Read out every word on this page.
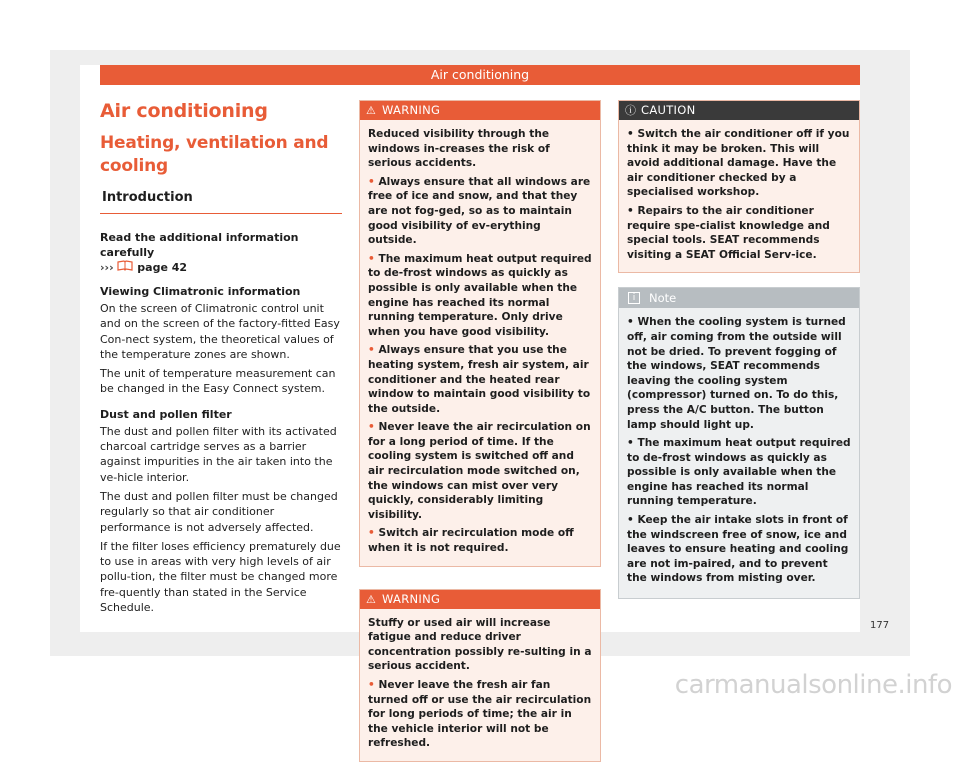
Air conditioning
Air conditioning
Heating, ventilation and cooling
Introduction
Read the additional information carefully
›››  page 42
Viewing Climatronic information

On the screen of Climatronic control unit and on the screen of the factory-fitted Easy Con-nect system, the theoretical values of the temperature zones are shown.

The unit of temperature measurement can be changed in the Easy Connect system.

Dust and pollen filter

The dust and pollen filter with its activated charcoal cartridge serves as a barrier against impurities in the air taken into the ve-hicle interior.

The dust and pollen filter must be changed regularly so that air conditioner performance is not adversely affected.

If the filter loses efficiency prematurely due to use in areas with very high levels of air pollu-tion, the filter must be changed more fre-quently than stated in the Service Schedule.

⚠ WARNING

Reduced visibility through the windows in-creases the risk of serious accidents.

• Always ensure that all windows are free of ice and snow, and that they are not fog-ged, so as to maintain good visibility of ev-erything outside.

• The maximum heat output required to de-frost windows as quickly as possible is only available when the engine has reached its normal running temperature. Only drive when you have good visibility.

• Always ensure that you use the heating system, fresh air system, air conditioner and the heated rear window to maintain good visibility to the outside.

• Never leave the air recirculation on for a long period of time. If the cooling system is switched off and air recirculation mode switched on, the windows can mist over very quickly, considerably limiting visibility.

• Switch air recirculation mode off when it is not required.

⚠ WARNING

Stuffy or used air will increase fatigue and reduce driver concentration possibly re-sulting in a serious accident.

• Never leave the fresh air fan turned off or use the air recirculation for long periods of time; the air in the vehicle interior will not be refreshed.

ⓘ CAUTION

• Switch the air conditioner off if you think it may be broken. This will avoid additional damage. Have the air conditioner checked by a specialised workshop.

• Repairs to the air conditioner require spe-cialist knowledge and special tools. SEAT recommends visiting a SEAT Official Serv-ice.

i	Note

• When the cooling system is turned off, air coming from the outside will not be dried. To prevent fogging of the windows, SEAT recommends leaving the cooling system (compressor) turned on. To do this, press the A/C button. The button lamp should light up.

• The maximum heat output required to de-frost windows as quickly as possible is only available when the engine has reached its normal running temperature.

• Keep the air intake slots in front of the windscreen free of snow, ice and leaves to ensure heating and cooling are not im-paired, and to prevent the windows from misting over.

177
carmanualsonline.info
